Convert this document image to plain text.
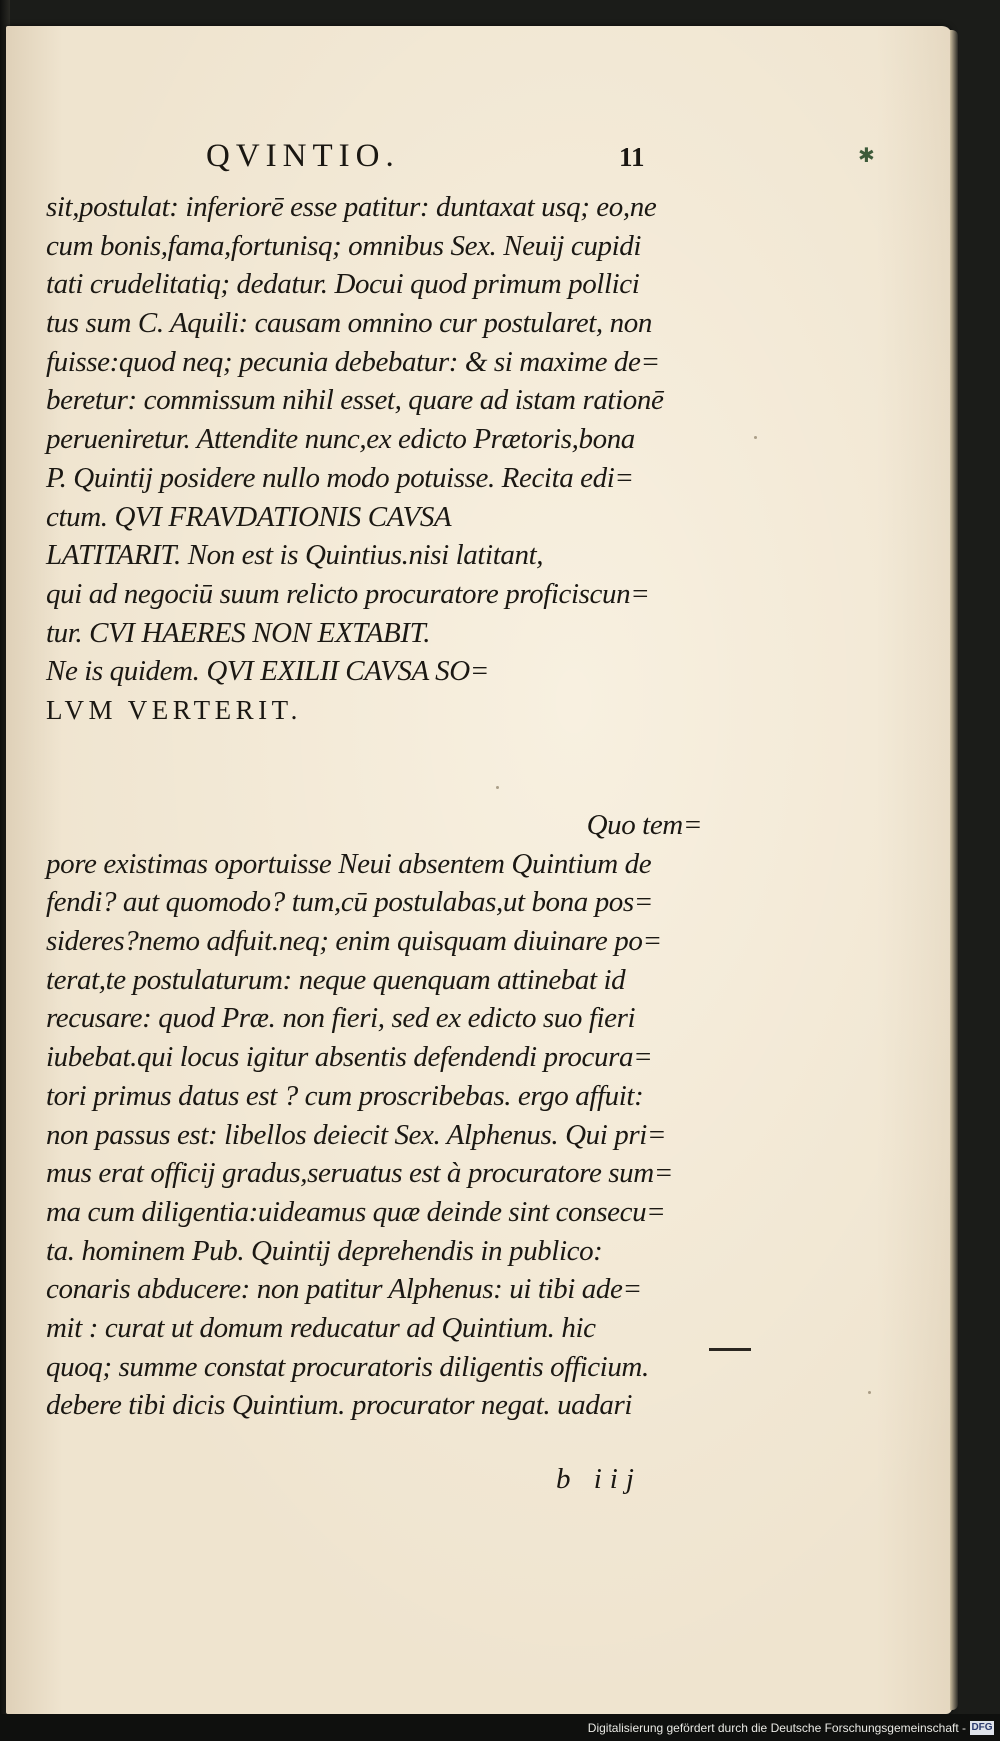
QVINTIO.	11	✱
sit,postulat: inferiorē esse patitur: duntaxat usq; eo,ne
cum bonis,fama,fortunisq; omnibus Sex. Neuij cupidi
tati crudelitatiq; dedatur. Docui quod primum pollici
tus sum C. Aquili: causam omnino cur postularet, non
fuisse:quod neq; pecunia debebatur: & si maxime de=
beretur: commissum nihil esset, quare ad istam rationē
perueniretur. Attendite nunc,ex edicto Prætoris,bona
P. Quintij posidere nullo modo potuisse. Recita edi=
ctum. QVI FRAVDATIONIS CAVSA
LATITARIT. Non est is Quintius.nisi latitant,
qui ad negociū suum relicto procuratore proficiscun=
tur. CVI HAERES NON EXTABIT.
Ne is quidem. QVI EXILII CAVSA SO=
LVM VERTERIT.
Quo tem=
pore existimas oportuisse Neui absentem Quintium de
fendi? aut quomodo? tum,cū postulabas,ut bona pos=
sideres?nemo adfuit.neq; enim quisquam diuinare po=
terat,te postulaturum: neque quenquam attinebat id
recusare: quod Præ. non fieri, sed ex edicto suo fieri
iubebat.qui locus igitur absentis defendendi procura=
tori primus datus est ? cum proscribebas. ergo affuit:
non passus est: libellos deiecit Sex. Alphenus. Qui pri=
mus erat officij gradus,seruatus est à procuratore sum=
ma cum diligentia:uideamus quæ deinde sint consecu=
ta. hominem Pub. Quintij deprehendis in publico:
conaris abducere: non patitur Alphenus: ui tibi ade=
mit : curat ut domum reducatur ad Quintium. hic
quoq; summe constat procuratoris diligentis officium.
debere tibi dicis Quintium. procurator negat. uadari
b iij
Digitalisierung gefördert durch die Deutsche Forschungsgemeinschaft - DFG
